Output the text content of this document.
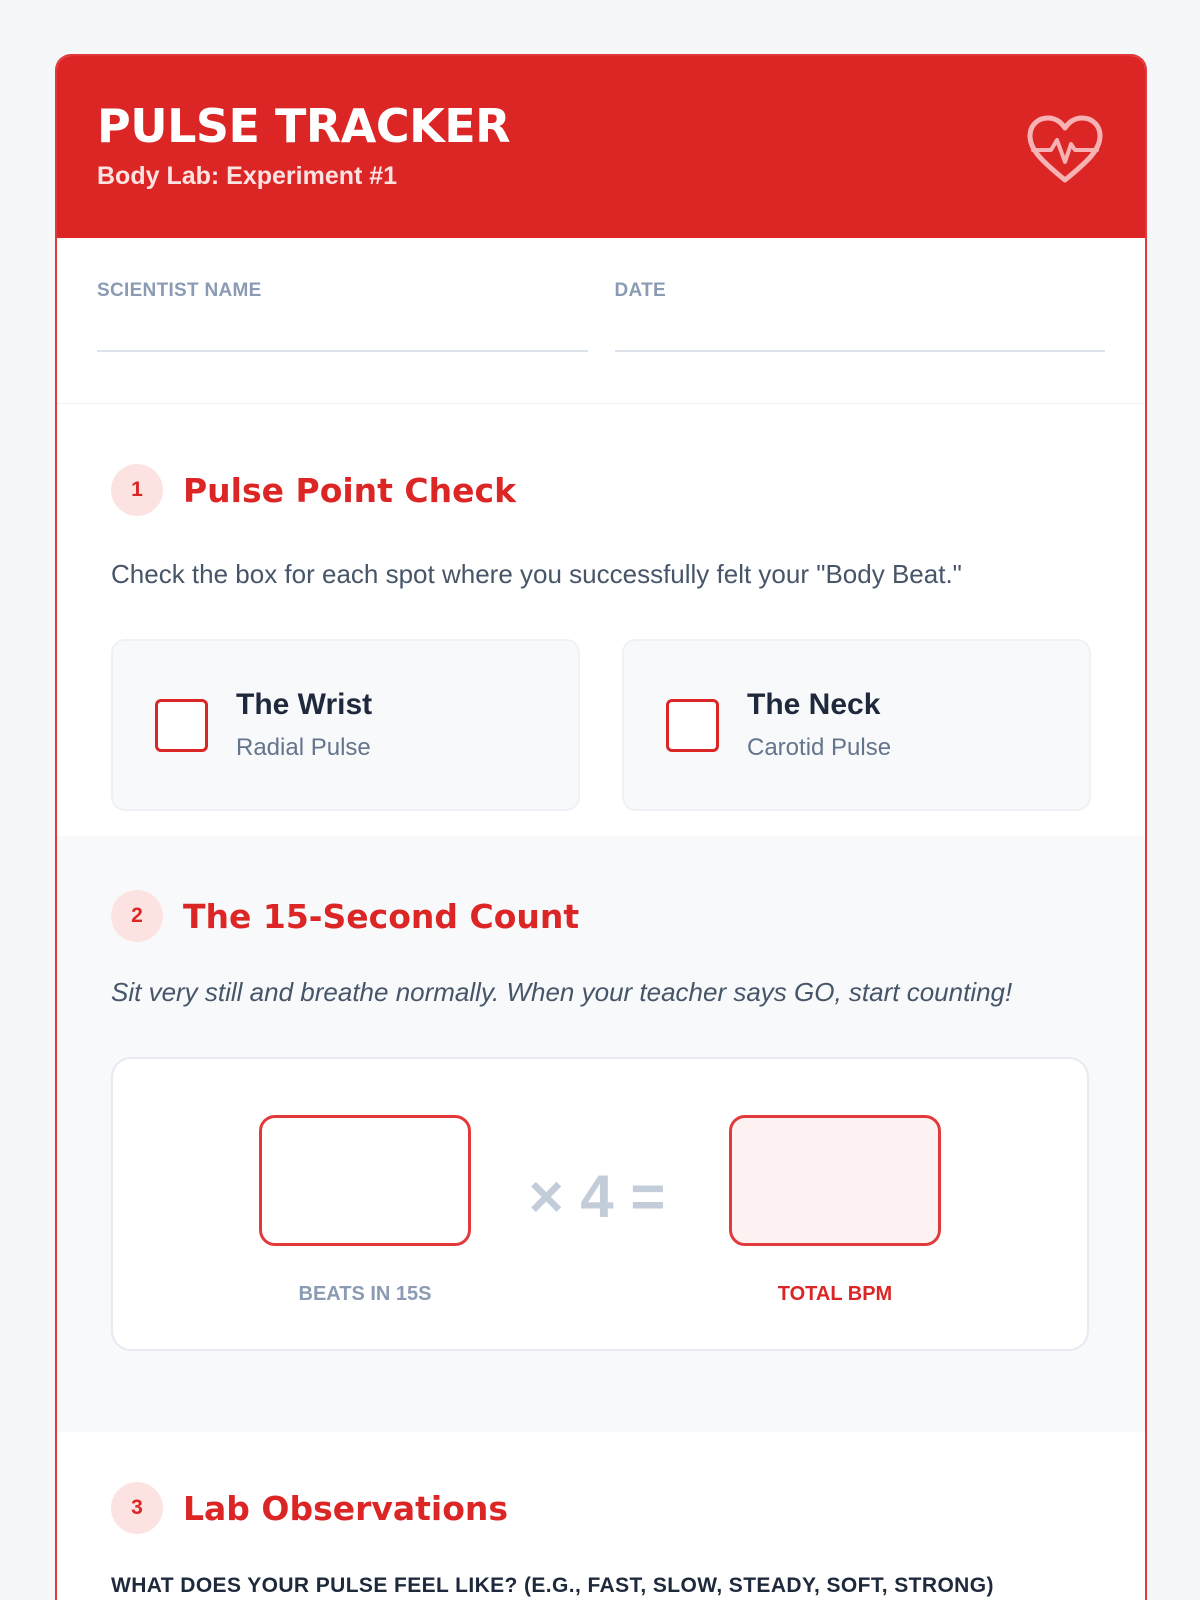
PULSE TRACKER
Body Lab: Experiment #1
SCIENTIST NAME	DATE
1	Pulse Point Check
Check the box for each spot where you successfully felt your "Body Beat."
The Wrist
Radial Pulse
The Neck
Carotid Pulse
2	The 15-Second Count
Sit very still and breathe normally. When your teacher says GO, start counting!
× 4 =
BEATS IN 15S	TOTAL BPM
3	Lab Observations
WHAT DOES YOUR PULSE FEEL LIKE? (E.G., FAST, SLOW, STEADY, SOFT, STRONG)
